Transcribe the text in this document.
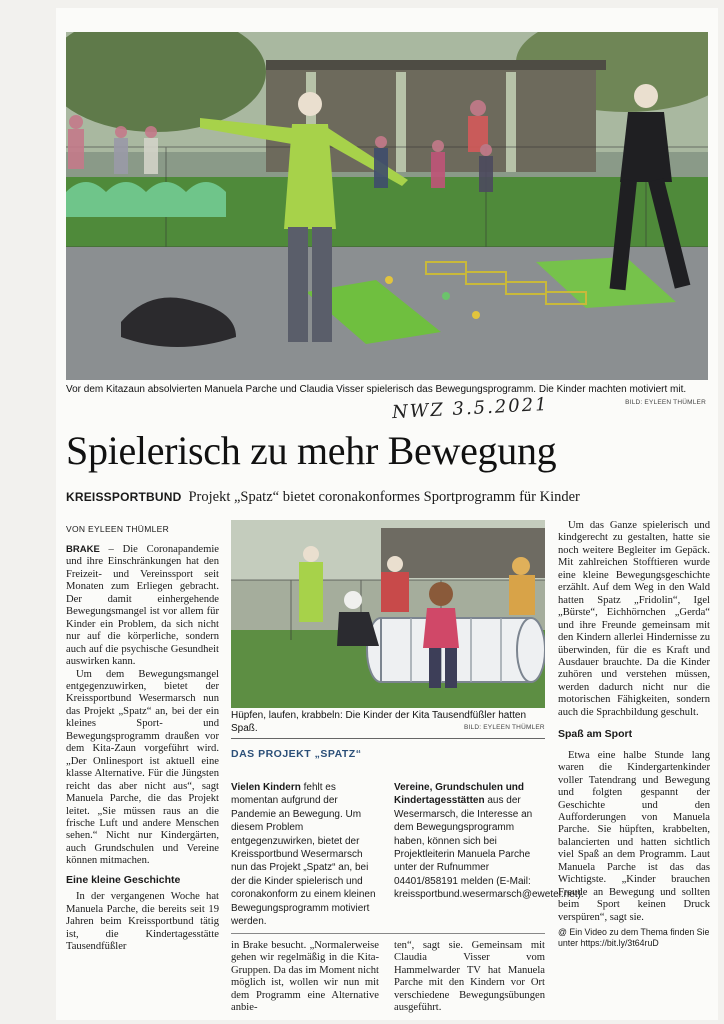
Vor dem Kitazaun absolvierten Manuela Parche und Claudia Visser spielerisch das Bewegungsprogramm. Die Kinder machten motiviert mit.
BILD: EYLEEN THÜMLER
NWZ 3.5.2021
Spielerisch zu mehr Bewegung
KREISSPORTBUND Projekt „Spatz“ bietet coronakonformes Sportprogramm für Kinder
VON EYLEEN THÜMLER

BRAKE – Die Coronapandemie und ihre Einschränkungen hat den Freizeit- und Vereinssport seit Monaten zum Erliegen gebracht. Der damit einhergehende Bewegungsmangel ist vor allem für Kinder ein Problem, da sich nicht nur auf die körperliche, sondern auch auf die psychische Gesundheit auswirken kann.

Um dem Bewegungsmangel entgegenzuwirken, bietet der Kreissportbund Wesermarsch nun das Projekt „Spatz“ an, bei der ein kleines Sport- und Bewegungsprogramm draußen vor dem Kita-Zaun vorgeführt wird. „Der Onlinesport ist aktuell eine klasse Alternative. Für die Jüngsten reicht das aber nicht aus“, sagt Manuela Parche, die das Projekt leitet. „Sie müssen raus an die frische Luft und andere Menschen sehen.“ Nicht nur Kindergärten, auch Grundschulen und Vereine können mitmachen.

Eine kleine Geschichte

In der vergangenen Woche hat Manuela Parche, die bereits seit 19 Jahren beim Kreissportbund tätig ist, die Kindertagesstätte Tausendfüßler

Hüpfen, laufen, krabbeln: Die Kinder der Kita Tausendfüßler hatten Spaß.	BILD: EYLEEN THÜMLER
DAS PROJEKT „SPATZ“
Vielen Kindern fehlt es momentan aufgrund der Pandemie an Bewegung. Um diesem Problem entgegenzuwirken, bietet der Kreissportbund Wesermarsch nun das Projekt „Spatz“ an, bei der die Kinder spielerisch und coronakonform zu einem kleinen Bewegungsprogramm motiviert werden.
Vereine, Grundschulen und Kindertagesstätten aus der Wesermarsch, die Interesse an dem Bewegungsprogramm haben, können sich bei Projektleiterin Manuela Parche unter der Rufnummer 04401/858191 melden (E-Mail: kreissportbund.wesermarsch@ewetel.net).

in Brake besucht. „Normalerweise gehen wir regelmäßig in die Kita-Gruppen. Da das im Moment nicht möglich ist, wollen wir nun mit dem Programm eine Alternative anbie-

ten“, sagt sie. Gemeinsam mit Claudia Visser vom Hammelwarder TV hat Manuela Parche mit den Kindern vor Ort verschiedene Bewegungsübungen ausgeführt.

Um das Ganze spielerisch und kindgerecht zu gestalten, hatte sie noch weitere Begleiter im Gepäck. Mit zahlreichen Stofftieren wurde eine kleine Bewegungsgeschichte erzählt. Auf dem Weg in den Wald hatten Spatz „Fridolin“, Igel „Bürste“, Eichhörnchen „Gerda“ und ihre Freunde gemeinsam mit den Kindern allerlei Hindernisse zu überwinden, für die es Kraft und Ausdauer brauchte. Da die Kinder zuhören und verstehen müssen, werden dadurch nicht nur die motorischen Fähigkeiten, sondern auch die Sprachbildung geschult.

Spaß am Sport

Etwa eine halbe Stunde lang waren die Kindergartenkinder voller Tatendrang und Bewegung und folgten gespannt der Geschichte und den Aufforderungen von Manuela Parche. Sie hüpften, krabbelten, balancierten und hatten sichtlich viel Spaß an dem Programm. Laut Manuela Parche ist das das Wichtigste. „Kinder brauchen Freude an Bewegung und sollten beim Sport keinen Druck verspüren“, sagt sie.

@ Ein Video zu dem Thema finden Sie unter https://bit.ly/3t64ruD
